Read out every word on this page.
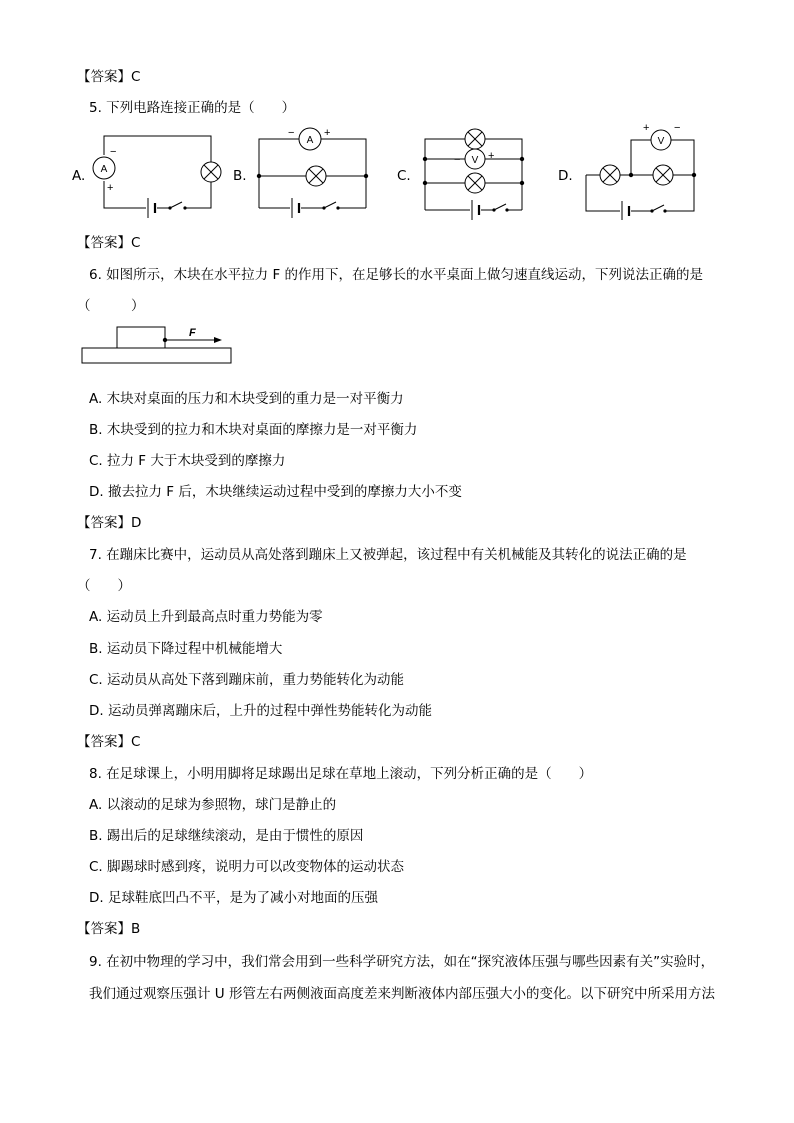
【答案】C
5. 下列电路连接正确的是（　　）
A.	B.	C.	D.
A
−
+
A
−	+
V
−	+
V
+ −
【答案】C
6. 如图所示，木块在水平拉力 F 的作用下，在足够长的水平桌面上做匀速直线运动，下列说法正确的是
（　　　）
F
A. 木块对桌面的压力和木块受到的重力是一对平衡力
B. 木块受到的拉力和木块对桌面的摩擦力是一对平衡力
C. 拉力 F 大于木块受到的摩擦力
D. 撤去拉力 F 后，木块继续运动过程中受到的摩擦力大小不变
【答案】D
7. 在蹦床比赛中，运动员从高处落到蹦床上又被弹起，该过程中有关机械能及其转化的说法正确的是
（　　）
A. 运动员上升到最高点时重力势能为零
B. 运动员下降过程中机械能增大
C. 运动员从高处下落到蹦床前，重力势能转化为动能
D. 运动员弹离蹦床后，上升的过程中弹性势能转化为动能
【答案】C
8. 在足球课上，小明用脚将足球踢出足球在草地上滚动，下列分析正确的是（　　）
A. 以滚动的足球为参照物，球门是静止的
B. 踢出后的足球继续滚动，是由于惯性的原因
C. 脚踢球时感到疼，说明力可以改变物体的运动状态
D. 足球鞋底凹凸不平，是为了减小对地面的压强
【答案】B
9. 在初中物理的学习中，我们常会用到一些科学研究方法，如在“探究液体压强与哪些因素有关”实验时，
我们通过观察压强计 U 形管左右两侧液面高度差来判断液体内部压强大小的变化。以下研究中所采用方法
